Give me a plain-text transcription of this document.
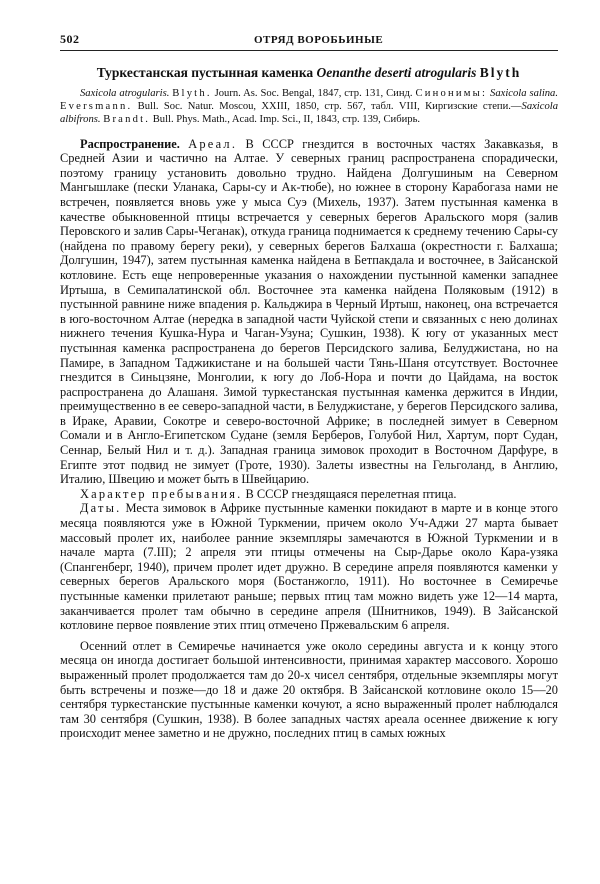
502	ОТРЯД ВОРОБЬИНЫЕ
Туркестанская пустынная каменка Oenanthe deserti atrogularis Blyth
Saxicola atrogularis. Blyth. Journ. As. Soc. Bengal, 1847, стр. 131, Синд. Синонимы: Saxicola salina. Eversmann. Bull. Soc. Natur. Moscou, XXIII, 1850, стр. 567, табл. VIII, Киргизские степи.—Saxicola albifrons. Brandt. Bull. Phys. Math., Acad. Imp. Sci., II, 1843, стр. 139, Сибирь.

Распространение. Ареал. В СССР гнездится в восточных частях Закавказья, в Средней Азии и частично на Алтае. У северных границ распространена спорадически, поэтому границу установить довольно трудно. Найдена Долгушиным на Северном Мангышлаке (пески Уланака, Сары-су и Ак-тюбе), но южнее в сторону Карабогаза нами не встречен, появляется вновь уже у мыса Суэ (Михель, 1937). Затем пустынная каменка в качестве обыкновенной птицы встречается у северных берегов Аральского моря (залив Перовского и залив Сары-Чеганак), откуда граница поднимается к среднему течению Сары-су (найдена по правому берегу реки), у северных берегов Балхаша (окрестности г. Балхаша; Долгушин, 1947), затем пустынная каменка найдена в Бетпакдала и восточнее, в Зайсанской котловине. Есть еще непроверенные указания о нахождении пустынной каменки западнее Иртыша, в Семипалатинской обл. Восточнее эта каменка найдена Поляковым (1912) в пустынной равнине ниже впадения р. Кальджира в Черный Иртыш, наконец, она встречается в юго-восточном Алтае (нередка в западной части Чуйской степи и связанных с нею долинах нижнего течения Кушка-Нура и Чаган-Узуна; Сушкин, 1938). К югу от указанных мест пустынная каменка распространена до берегов Персидского залива, Белуджистана, но на Памире, в Западном Таджикистане и на большей части Тянь-Шаня отсутствует. Восточнее гнездится в Синьцзяне, Монголии, к югу до Лоб-Нора и почти до Цайдама, на восток распространена до Алашаня. Зимой туркестанская пустынная каменка держится в Индии, преимущественно в ее северо-западной части, в Белуджистане, у берегов Персидского залива, в Ираке, Аравии, Сокотре и северо-восточной Африке; в последней зимует в Северном Сомали и в Англо-Египетском Судане (земля Берберов, Голубой Нил, Хартум, порт Судан, Сеннар, Белый Нил и т. д.). Западная граница зимовок проходит в Восточном Дарфуре, в Египте этот подвид не зимует (Гроте, 1930). Залеты известны на Гельголанд, в Англию, Италию, Швецию и может быть в Швейцарию.

Характер пребывания. В СССР гнездящаяся перелетная птица.

Даты. Места зимовок в Африке пустынные каменки покидают в марте и в конце этого месяца появляются уже в Южной Туркмении, причем около Уч-Аджи 27 марта бывает массовый пролет их, наиболее ранние экземпляры замечаются в Южной Туркмении и в начале марта (7.III); 2 апреля эти птицы отмечены на Сыр-Дарье около Кара-узяка (Спангенберг, 1940), причем пролет идет дружно. В середине апреля появляются каменки у северных берегов Аральского моря (Бостанжогло, 1911). Но восточнее в Семиречье пустынные каменки прилетают раньше; первых птиц там можно видеть уже 12—14 марта, заканчивается пролет там обычно в середине апреля (Шнитников, 1949). В Зайсанской котловине первое появление этих птиц отмечено Пржевальским 6 апреля.

Осенний отлет в Семиречье начинается уже около середины августа и к концу этого месяца он иногда достигает большой интенсивности, принимая характер массового. Хорошо выраженный пролет продолжается там до 20-х чисел сентября, отдельные экземпляры могут быть встречены и позже—до 18 и даже 20 октября. В Зайсанской котловине около 15—20 сентября туркестанские пустынные каменки кочуют, а ясно выраженный пролет наблюдался там 30 сентября (Сушкин, 1938). В более западных частях ареала осеннее движение к югу происходит менее заметно и не дружно, последних птиц в самых южных
